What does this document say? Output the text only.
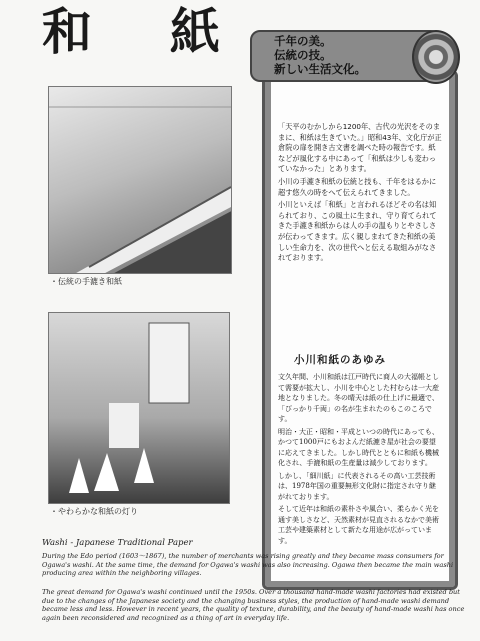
和 紙
・伝統の手漉き和紙
・やわらかな和紙の灯り
千年の美。
伝統の技。
新しい生活文化。

「天平のむかしから1200年、古代の光沢をそのままに、和紙は生きていた。」昭和43年、文化庁が正倉院の扉を開き古文書を調べた時の報告です。紙などが風化する中にあって「和紙は少しも変わっていなかった」とあります。

小川の手漉き和紙の伝統と技も、千年をはるかに超す悠久の時をへて伝えられてきました。

小川といえば「和紙」と言われるほどその名は知られており、この風土に生まれ、守り育てられてきた手漉き和紙からは人の手の温もりとやさしさが伝わってきます。広く親しまれてきた和紙の美しい生命力を、次の世代へと伝える取組みがなされております。

小川和紙のあゆみ

文久年間、小川和紙は江戸時代に商人の大福帳として需要が拡大し、小川を中心とした村むらは一大産地となりました。冬の晴天は紙の仕上げに最適で、「びっかり千両」の名が生まれたのもこのころです。

明治・大正・昭和・平成といつの時代にあっても、かつて1000戸にもおよんだ紙漉き屋が社会の要望に応えてきました。しかし時代とともに和紙も機械化され、手漉和紙の生産量は減少しております。

しかし、「細川紙」に代表されるその高い工芸技術は、1978年国の重要無形文化財に指定され守り継がれております。

そして近年は和紙の素朴さや風合い、柔らかく光を通す美しさなど、天然素材が見直されるなかで美術工芸や建築素材として新たな用途が広がっています。

Washi - Japanese Traditional Paper
During the Edo period (1603～1867), the number of merchants was rising greatly and they became mass consumers for Ogawa's washi. At the same time, the demand for Ogawa's washi was also increasing. Ogawa then became the main washi producing area within the neighboring villages.
The great demand for Ogawa's washi continued until the 1950s. Over a thousand hand-made washi factories had existed but due to the changes of the Japanese society and the changing business styles, the production of hand-made washi demand became less and less. However in recent years, the quality of texture, durability, and the beauty of hand-made washi has once again been reconsidered and recognized as a thing of art in everyday life.
